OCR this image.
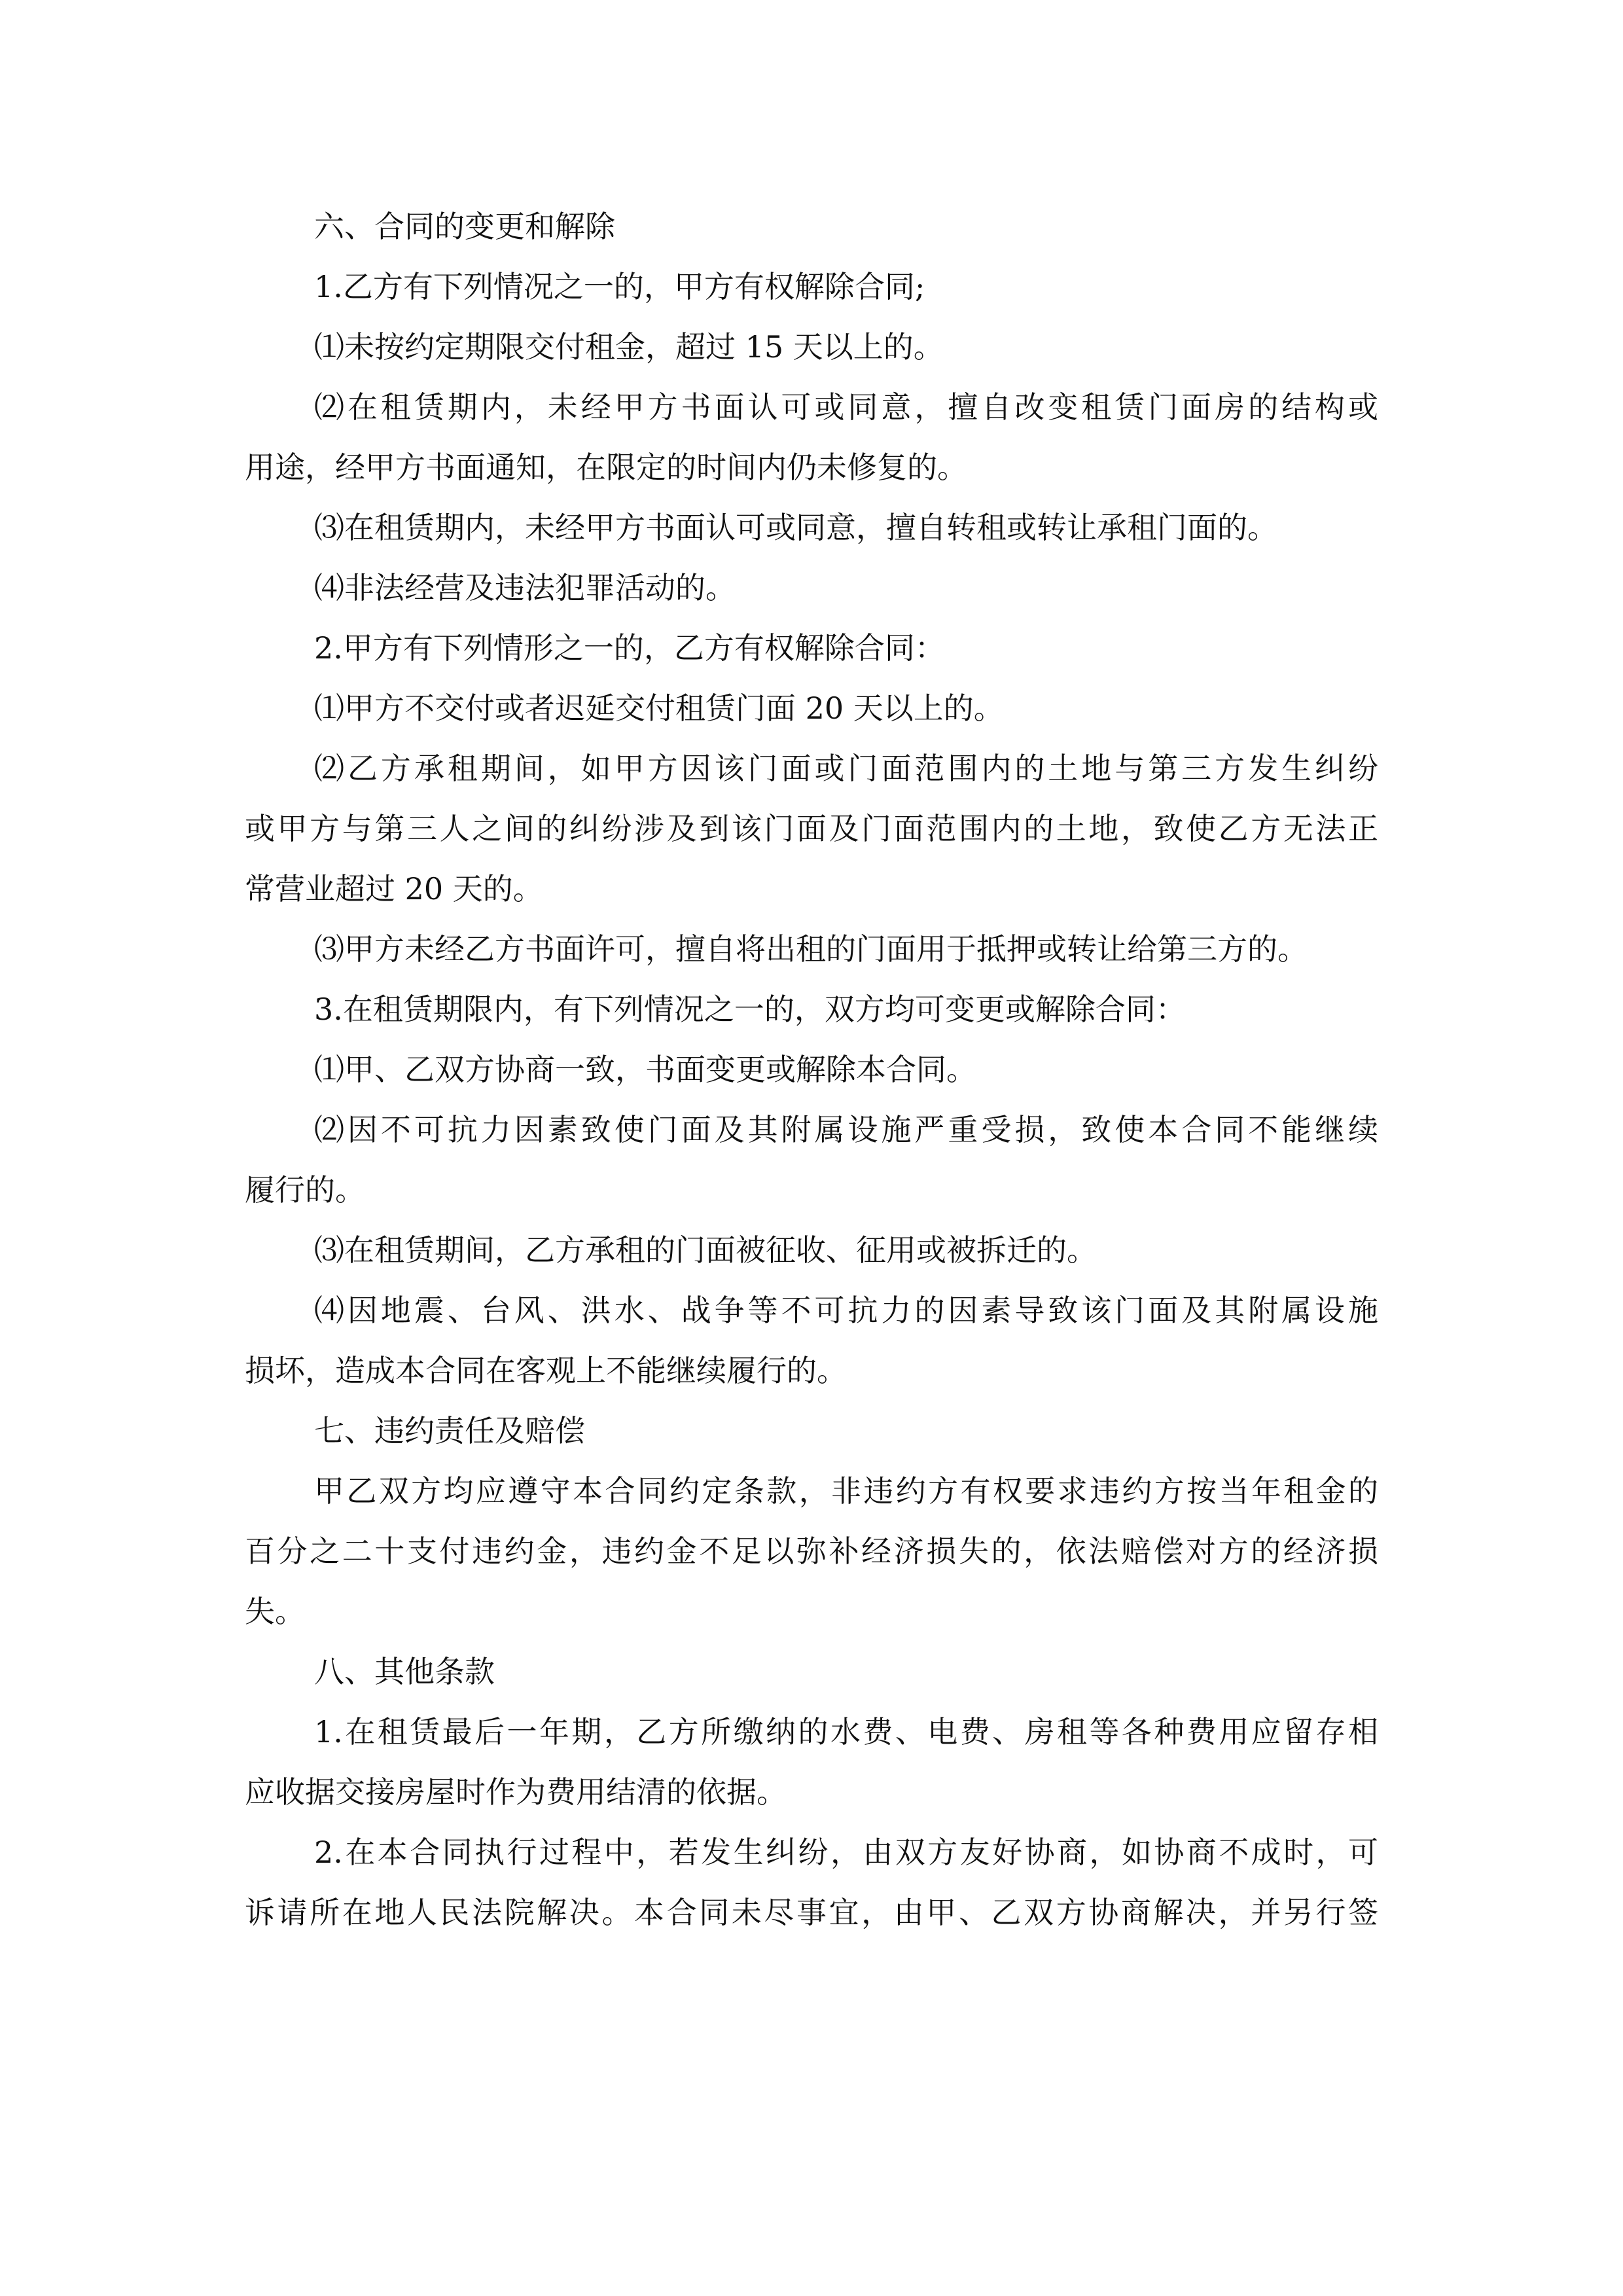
六、合同的变更和解除
1.乙方有下列情况之一的，甲方有权解除合同;
⑴未按约定期限交付租金，超过 15 天以上的。
⑵在租赁期内，未经甲方书面认可或同意，擅自改变租赁门面房的结构或
用途，经甲方书面通知，在限定的时间内仍未修复的。
⑶在租赁期内，未经甲方书面认可或同意，擅自转租或转让承租门面的。
⑷非法经营及违法犯罪活动的。
2.甲方有下列情形之一的，乙方有权解除合同：
⑴甲方不交付或者迟延交付租赁门面 20 天以上的。
⑵乙方承租期间，如甲方因该门面或门面范围内的土地与第三方发生纠纷
或甲方与第三人之间的纠纷涉及到该门面及门面范围内的土地，致使乙方无法正
常营业超过 20 天的。
⑶甲方未经乙方书面许可，擅自将出租的门面用于抵押或转让给第三方的。
3.在租赁期限内，有下列情况之一的，双方均可变更或解除合同：
⑴甲、乙双方协商一致，书面变更或解除本合同。
⑵因不可抗力因素致使门面及其附属设施严重受损，致使本合同不能继续
履行的。
⑶在租赁期间，乙方承租的门面被征收、征用或被拆迁的。
⑷因地震、台风、洪水、战争等不可抗力的因素导致该门面及其附属设施
损坏，造成本合同在客观上不能继续履行的。
七、违约责任及赔偿
甲乙双方均应遵守本合同约定条款，非违约方有权要求违约方按当年租金的
百分之二十支付违约金，违约金不足以弥补经济损失的，依法赔偿对方的经济损
失。
八、其他条款
1.在租赁最后一年期，乙方所缴纳的水费、电费、房租等各种费用应留存相
应收据交接房屋时作为费用结清的依据。
2.在本合同执行过程中，若发生纠纷，由双方友好协商，如协商不成时，可
诉请所在地人民法院解决。本合同未尽事宜，由甲、乙双方协商解决，并另行签
